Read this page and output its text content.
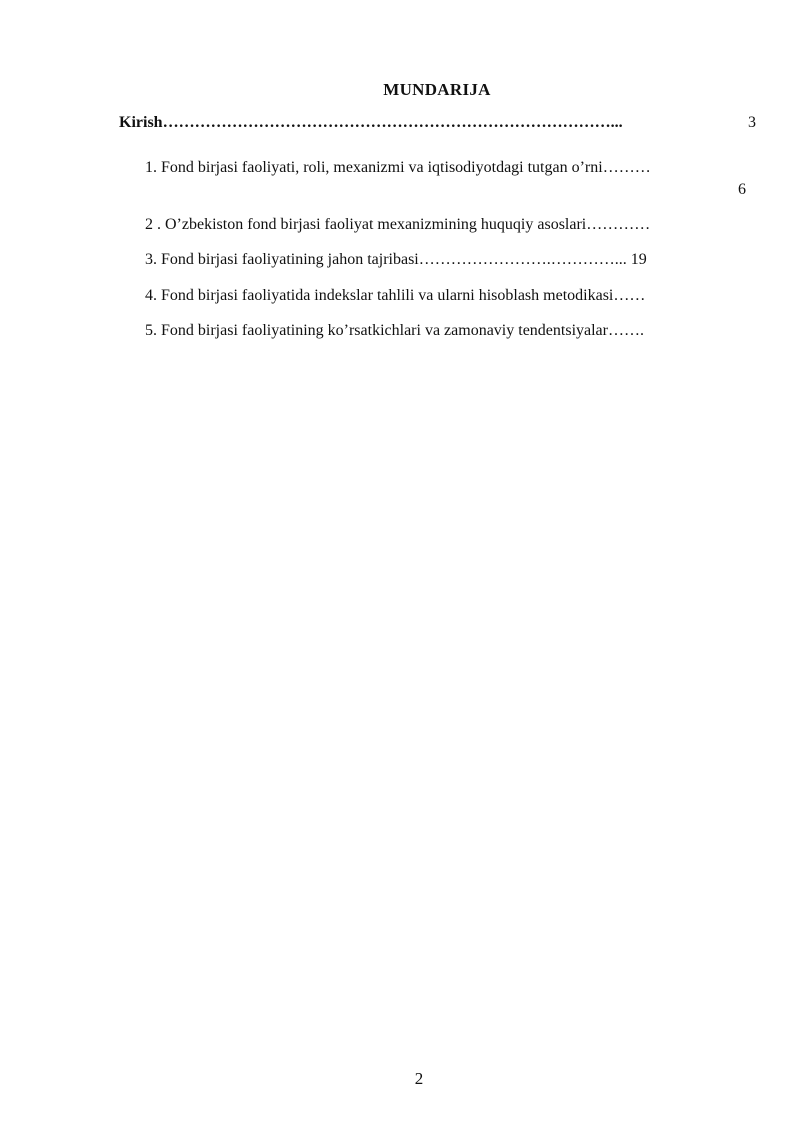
MUNDARIJA
Kirish…………………………………………………………………………...	3
1. Fond birjasi faoliyati, roli, mexanizmi va iqtisodiyotdagi tutgan o’rni………
6
2 . O’zbekiston fond birjasi faoliyat mexanizmining huquqiy asoslari…………
3. Fond birjasi faoliyatining jahon tajribasi…………………….…………... 19
4. Fond birjasi faoliyatida indekslar tahlili va ularni hisoblash metodikasi……
5. Fond birjasi faoliyatining ko’rsatkichlari va zamonaviy tendentsiyalar…….
2
